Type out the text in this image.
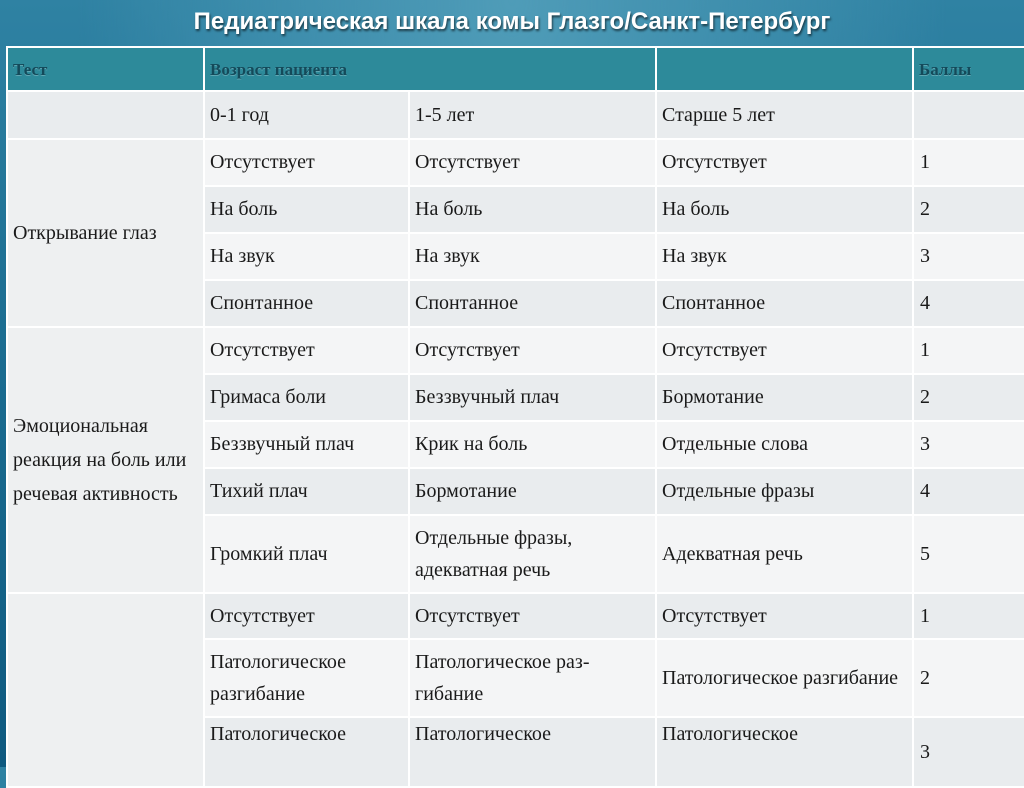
Педиатрическая шкала комы Глазго/Санкт-Петербург
Тест	Возраст пациента			Баллы
	0-1 год	1-5 лет	Старше 5 лет	
Открывание глаз	Отсутствует	Отсутствует	Отсутствует	1
	На боль	На боль	На боль	2
	На звук	На звук	На звук	3
	Спонтанное	Спонтанное	Спонтанное	4
Эмоциональная реакция на боль или речевая активность	Отсутствует	Отсутствует	Отсутствует	1
	Гримаса боли	Беззвучный плач	Бормотание	2
	Беззвучный плач	Крик на боль	Отдельные слова	3
	Тихий плач	Бормотание	Отдельные фразы	4
	Громкий плач	Отдельные фразы, адекватная речь	Адекватная речь	5
	Отсутствует	Отсутствует	Отсутствует	1
	Патологическое разгибание	Патологическое раз-гибание	Патологическое разгибание	2
	Патологическое	Патологическое	Патологическое	3
